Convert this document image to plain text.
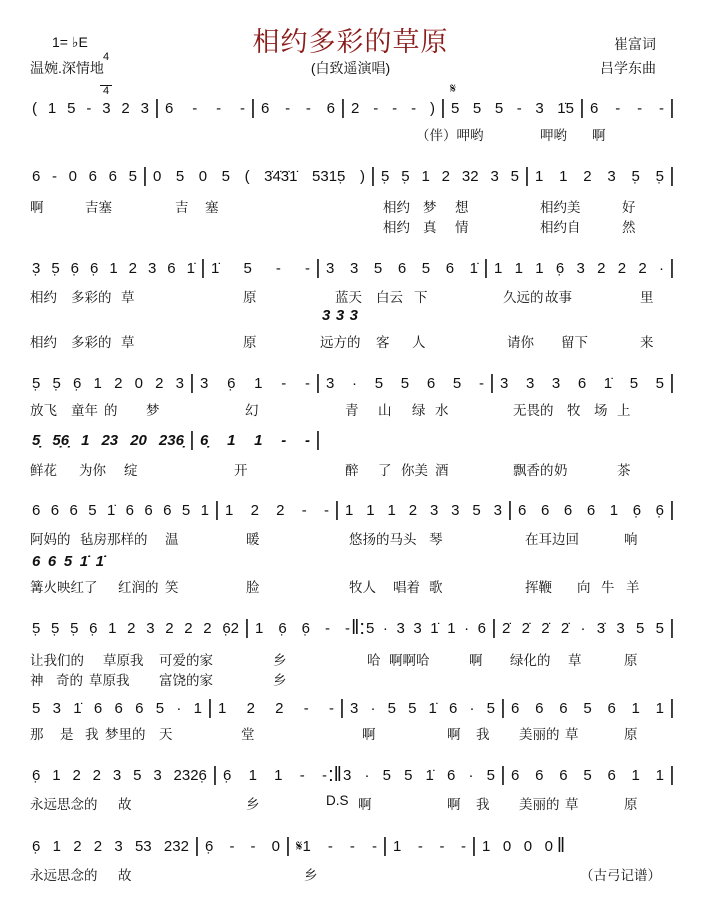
相约多彩的草原
1= ♭E

4

4

温婉.深情地	(白致遥演唱)
崔富词
吕学东曲
𝄋
( 1 5 - 3 2 3 | 6 - - - | 6 - - 6 | 2 - - - ) | 5 5 5 - 3 1̇5 | 6 - - - |
6 - 0 6 6 5 | 0 5 0 5 ( 3̇4̇3̇1̇ 5315̣ ) | 5̣ 5̣ 1 2 32 3 5 | 1 1 2 3 5̣ 5̣ |
3̣ 5̣ 6̣ 6̣ 1 2 3 6 1̇ | 1̇ 5 - - | 3 3 5 6 5 6 1̇ | 1 1 1 6̣ 3 2 2 2 · |
3 3 3
5̣ 5̣ 6̣ 1 2 0 2 3 | 3 6̣ 1 - - | 3 · 5 5 6 5 - | 3 3 3 6 1̇ 5 5 |
5̣ 5̣6̣ 1 23 20 236̣ | 6̣ 1 1 - - |
6 6 6 5 1̇ 6 6 6 5 1 | 1 2 2 - - | 1 1 1 2 3 3 5 3 | 6 6 6 6 1 6̣ 6̣ |
6 6 5 1̇ 1̇
5̣ 5̣ 5̣ 6̣ 1 2 3 2 2 2 6̣2 | 1 6̣ 6̣ - - ‖: 5 · 3 3 1̇ 1 · 6 | 2̇ 2̇ 2̇ 2̇ · 3̇ 3 5 5 |
5 3 1̇ 6 6 6 5 · 1 | 1 2 2 - - | 3 · 5 5 1̇ 6 · 5 | 6 6 6 5 6 1 1 |
6̣ 1 2 2 3 5 3 2326̣ | 6̣ 1 1 - - :‖ 3 · 5 5 1̇ 6 · 5 | 6 6 6 5 6 1 1 |
6̣ 1 2 2 3 53 232 | 6̣ - - 0 | 𝄋1 - - - | 1 - - - | 1 0 0 0 ‖
（伴）呷哟	呷哟 啊
啊	吉塞	吉 塞	相约 梦 想	相约美	好
相约 真 情	相约自	然
相约 多彩的 草	原	蓝天 白云 下	久远的 故事	里
相约 多彩的 草	原	远方的 客 人	请你 留下	来
放飞 童年 的 梦	幻	青 山 绿 水	无畏的 牧 场 上
鲜花 为你 绽	开	醉 了 你美 酒	飘香的 奶	茶
阿妈的 毡房那样的 温	暖	悠扬的马头 琴	在耳边回	响
篝火映红了 红润的 笑	脸	牧人 唱着 歌	挥鞭 向 牛 羊
让我们的 草原我 可爱的家	乡	哈 啊啊哈	啊 绿化的 草	原
神 奇的 草原我 富饶的家	乡
那 是 我 梦里的 天	堂	啊	啊 我 美丽的 草	原
永远思念的 故	乡	D.S 啊	啊 我 美丽的 草	原
永远思念的 故	乡	（古弓记谱）
